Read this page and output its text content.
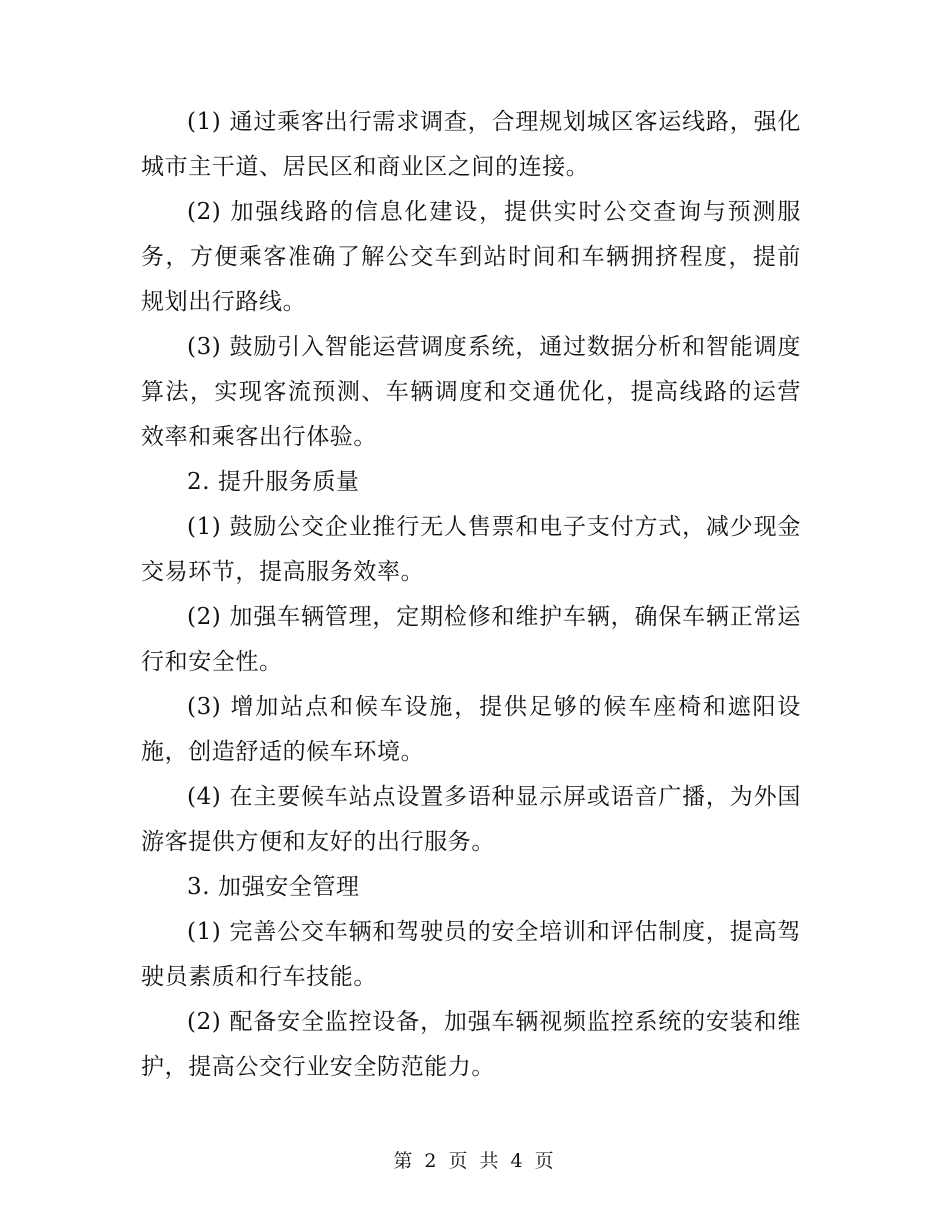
(1) 通过乘客出行需求调查，合理规划城区客运线路，强化城市主干道、居民区和商业区之间的连接。

(2) 加强线路的信息化建设，提供实时公交查询与预测服务，方便乘客准确了解公交车到站时间和车辆拥挤程度，提前规划出行路线。

(3) 鼓励引入智能运营调度系统，通过数据分析和智能调度算法，实现客流预测、车辆调度和交通优化，提高线路的运营效率和乘客出行体验。

2. 提升服务质量

(1) 鼓励公交企业推行无人售票和电子支付方式，减少现金交易环节，提高服务效率。

(2) 加强车辆管理，定期检修和维护车辆，确保车辆正常运行和安全性。

(3) 增加站点和候车设施，提供足够的候车座椅和遮阳设施，创造舒适的候车环境。

(4) 在主要候车站点设置多语种显示屏或语音广播，为外国游客提供方便和友好的出行服务。

3. 加强安全管理

(1) 完善公交车辆和驾驶员的安全培训和评估制度，提高驾驶员素质和行车技能。

(2) 配备安全监控设备，加强车辆视频监控系统的安装和维护，提高公交行业安全防范能力。

第 2 页 共 4 页
